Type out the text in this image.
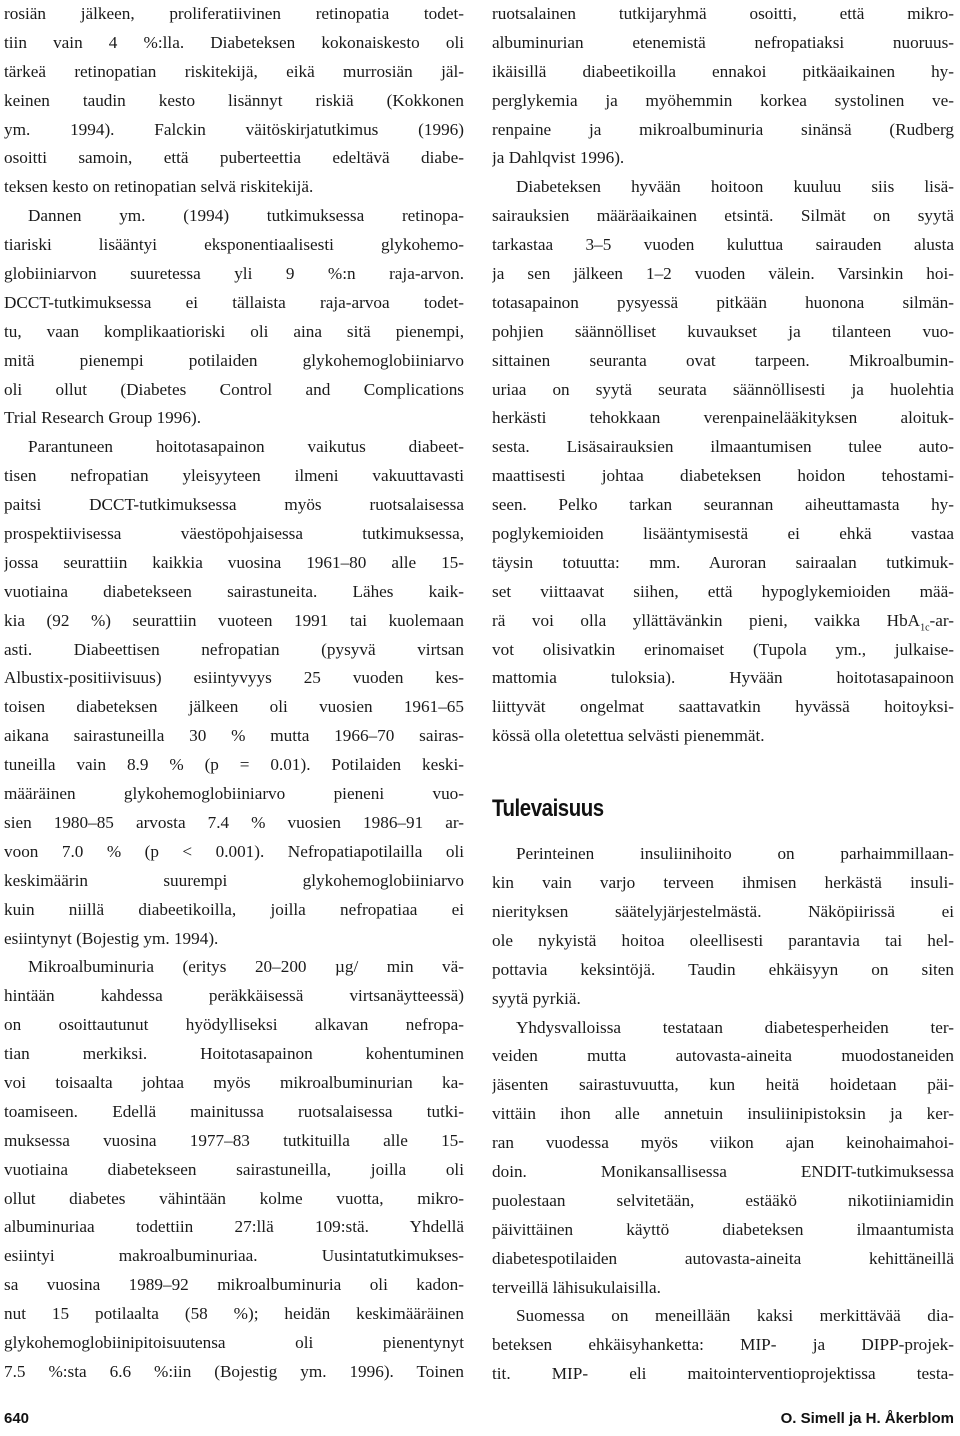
rosiän jälkeen, proliferatiivinen retinopatia todet-
tiin vain 4 %:lla. Diabeteksen kokonaiskesto oli
tärkeä retinopatian riskitekijä, eikä murrosiän jäl-
keinen taudin kesto lisännyt riskiä (Kokkonen
ym. 1994). Falckin väitöskirjatutkimus (1996)
osoitti samoin, että puberteettia edeltävä diabe-
teksen kesto on retinopatian selvä riskitekijä.
Dannen ym. (1994) tutkimuksessa retinopa-
tiariski lisääntyi eksponentiaalisesti glykohemo-
globiiniarvon suuretessa yli 9 %:n raja-arvon.
DCCT-tutkimuksessa ei tällaista raja-arvoa todet-
tu, vaan komplikaatioriski oli aina sitä pienempi,
mitä pienempi potilaiden glykohemoglobiiniarvo
oli ollut (Diabetes Control and Complications
Trial Research Group 1996).
Parantuneen hoitotasapainon vaikutus diabeet-
tisen nefropatian yleisyyteen ilmeni vakuuttavasti
paitsi DCCT-tutkimuksessa myös ruotsalaisessa
prospektiivisessa väestöpohjaisessa tutkimuksessa,
jossa seurattiin kaikkia vuosina 1961–80 alle 15-
vuotiaina diabetekseen sairastuneita. Lähes kaik-
kia (92 %) seurattiin vuoteen 1991 tai kuolemaan
asti. Diabeettisen nefropatian (pysyvä virtsan
Albustix-positiivisuus) esiintyvyys 25 vuoden kes-
toisen diabeteksen jälkeen oli vuosien 1961–65
aikana sairastuneilla 30 % mutta 1966–70 sairas-
tuneilla vain 8.9 % (p = 0.01). Potilaiden keski-
määräinen glykohemoglobiiniarvo pieneni vuo-
sien 1980–85 arvosta 7.4 % vuosien 1986–91 ar-
voon 7.0 % (p < 0.001). Nefropatiapotilailla oli
keskimäärin suurempi glykohemoglobiiniarvo
kuin niillä diabeetikoilla, joilla nefropatiaa ei
esiintynyt (Bojestig ym. 1994).
Mikroalbuminuria (eritys 20–200 µg/ min vä-
hintään kahdessa peräkkäisessä virtsanäytteessä)
on osoittautunut hyödylliseksi alkavan nefropa-
tian merkiksi. Hoitotasapainon kohentuminen
voi toisaalta johtaa myös mikroalbuminurian ka-
toamiseen. Edellä mainitussa ruotsalaisessa tutki-
muksessa vuosina 1977–83 tutkituilla alle 15-
vuotiaina diabetekseen sairastuneilla, joilla oli
ollut diabetes vähintään kolme vuotta, mikro-
albuminuriaa todettiin 27:llä 109:stä. Yhdellä
esiintyi makroalbuminuriaa. Uusintatutkimukses-
sa vuosina 1989–92 mikroalbuminuria oli kadon-
nut 15 potilaalta (58 %); heidän keskimääräinen
glykohemoglobiinipitoisuutensa oli pienentynyt
7.5 %:sta 6.6 %:iin (Bojestig ym. 1996). Toinen
ruotsalainen tutkijaryhmä osoitti, että mikro-
albuminurian etenemistä nefropatiaksi nuoruus-
ikäisillä diabeetikoilla ennakoi pitkäaikainen hy-
perglykemia ja myöhemmin korkea systolinen ve-
renpaine ja mikroalbuminuria sinänsä (Rudberg
ja Dahlqvist 1996).
Diabeteksen hyvään hoitoon kuuluu siis lisä-
sairauksien määräaikainen etsintä. Silmät on syytä
tarkastaa 3–5 vuoden kuluttua sairauden alusta
ja sen jälkeen 1–2 vuoden välein. Varsinkin hoi-
totasapainon pysyessä pitkään huonona silmän-
pohjien säännölliset kuvaukset ja tilanteen vuo-
sittainen seuranta ovat tarpeen. Mikroalbumin-
uriaa on syytä seurata säännöllisesti ja huolehtia
herkästi tehokkaan verenpainelääkityksen aloituk-
sesta. Lisäsairauksien ilmaantumisen tulee auto-
maattisesti johtaa diabeteksen hoidon tehostami-
seen. Pelko tarkan seurannan aiheuttamasta hy-
poglykemioiden lisääntymisestä ei ehkä vastaa
täysin totuutta: mm. Auroran sairaalan tutkimuk-
set viittaavat siihen, että hypoglykemioiden mää-
rä voi olla yllättävänkin pieni, vaikka HbA$_{1c}$-ar-
vot olisivatkin erinomaiset (Tupola ym., julkaise-
mattomia tuloksia). Hyvään hoitotasapainoon
liittyvät ongelmat saattavatkin hyvässä hoitoyksi-
kössä olla oletettua selvästi pienemmät.
Tulevaisuus
Perinteinen insuliinihoito on parhaimmillaan-
kin vain varjo terveen ihmisen herkästä insuli-
nierityksen säätelyjärjestelmästä. Näköpiirissä ei
ole nykyistä hoitoa oleellisesti parantavia tai hel-
pottavia keksintöjä. Taudin ehkäisyyn on siten
syytä pyrkiä.
Yhdysvalloissa testataan diabetesperheiden ter-
veiden mutta autovasta-aineita muodostaneiden
jäsenten sairastuvuutta, kun heitä hoidetaan päi-
vittäin ihon alle annetuin insuliinipistoksin ja ker-
ran vuodessa myös viikon ajan keinohaimahoi-
doin. Monikansallisessa ENDIT-tutkimuksessa
puolestaan selvitetään, estääkö nikotiiniamidin
päivittäinen käyttö diabeteksen ilmaantumista
diabetespotilaiden autovasta-aineita kehittäneillä
terveillä lähisukulaisilla.
Suomessa on meneillään kaksi merkittävää dia-
beteksen ehkäisyhanketta: MIP- ja DIPP-projek-
tit. MIP- eli maitointerventioprojektissa testa-
640	O. Simell ja H. Åkerblom
